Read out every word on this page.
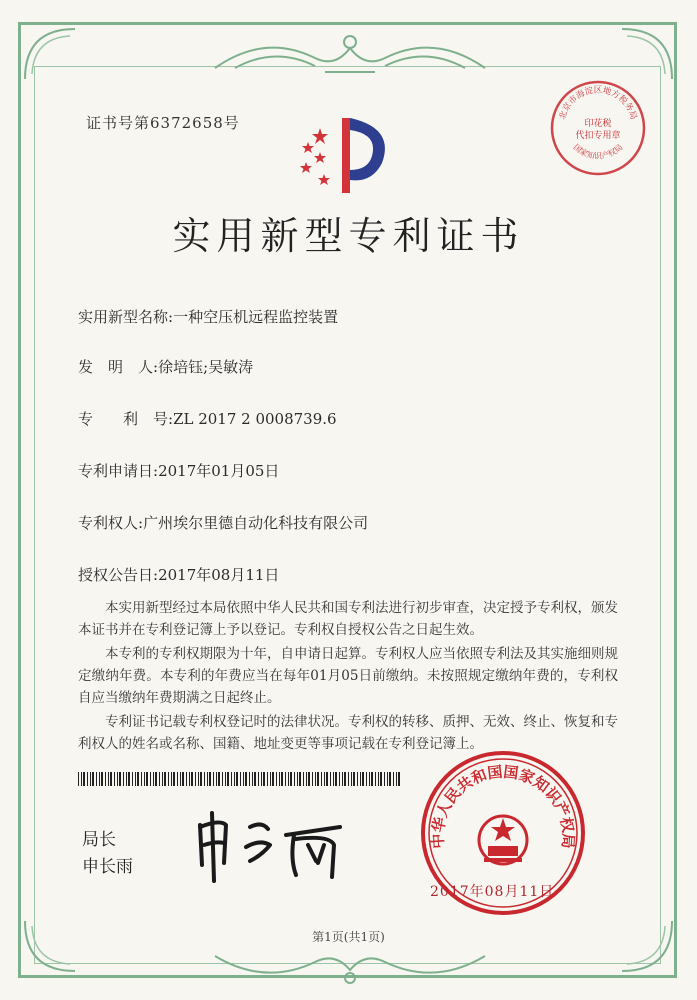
证书号第6372658号
实用新型专利证书
实用新型名称:一种空压机远程监控装置
发　明　人:徐培钰;吴敏涛
专　　利　号:ZL 2017 2 0008739.6
专利申请日:2017年01月05日
专利权人:广州埃尔里德自动化科技有限公司
授权公告日:2017年08月11日

本实用新型经过本局依照中华人民共和国专利法进行初步审查，决定授予专利权，颁发本证书并在专利登记簿上予以登记。专利权自授权公告之日起生效。

本专利的专利权期限为十年，自申请日起算。专利权人应当依照专利法及其实施细则规定缴纳年费。本专利的年费应当在每年01月05日前缴纳。未按照规定缴纳年费的，专利权自应当缴纳年费期满之日起终止。

专利证书记载专利权登记时的法律状况。专利权的转移、质押、无效、终止、恢复和专利权人的姓名或名称、国籍、地址变更等事项记载在专利登记簿上。

局长
申长雨
中华人民共和国国家知识产权局
2017年08月11日
北京市海淀区地方税务局
国家知识产权局
印花税
代扣专用章
第1页(共1页)
